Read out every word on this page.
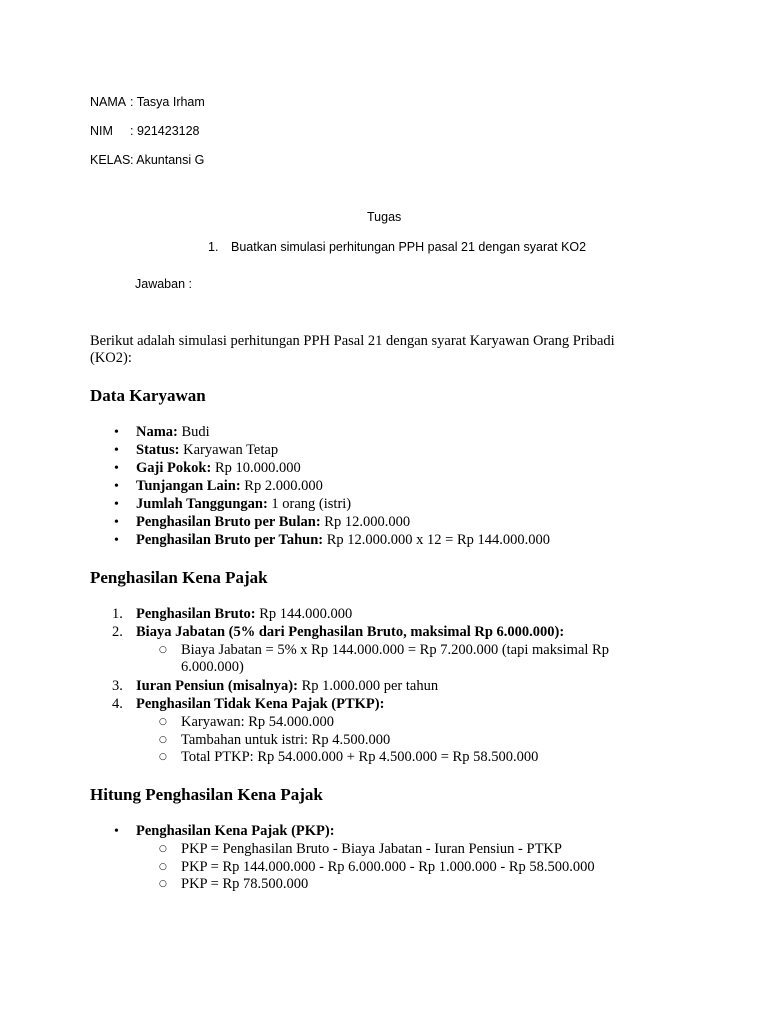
NAMA : Tasya Irham
NIM : 921423128
KELAS : Akuntansi G
Tugas
1. Buatkan simulasi perhitungan PPH pasal 21 dengan syarat KO2
Jawaban :
Berikut adalah simulasi perhitungan PPH Pasal 21 dengan syarat Karyawan Orang Pribadi
(KO2):
Data Karyawan
• Nama: Budi
• Status: Karyawan Tetap
• Gaji Pokok: Rp 10.000.000
• Tunjangan Lain: Rp 2.000.000
• Jumlah Tanggungan: 1 orang (istri)
• Penghasilan Bruto per Bulan: Rp 12.000.000
• Penghasilan Bruto per Tahun: Rp 12.000.000 x 12 = Rp 144.000.000
Penghasilan Kena Pajak
1. Penghasilan Bruto: Rp 144.000.000
2. Biaya Jabatan (5% dari Penghasilan Bruto, maksimal Rp 6.000.000):
○ Biaya Jabatan = 5% x Rp 144.000.000 = Rp 7.200.000 (tapi maksimal Rp
6.000.000)
3. Iuran Pensiun (misalnya): Rp 1.000.000 per tahun
4. Penghasilan Tidak Kena Pajak (PTKP):
○ Karyawan: Rp 54.000.000
○ Tambahan untuk istri: Rp 4.500.000
○ Total PTKP: Rp 54.000.000 + Rp 4.500.000 = Rp 58.500.000
Hitung Penghasilan Kena Pajak
• Penghasilan Kena Pajak (PKP):
○ PKP = Penghasilan Bruto - Biaya Jabatan - Iuran Pensiun - PTKP
○ PKP = Rp 144.000.000 - Rp 6.000.000 - Rp 1.000.000 - Rp 58.500.000
○ PKP = Rp 78.500.000
